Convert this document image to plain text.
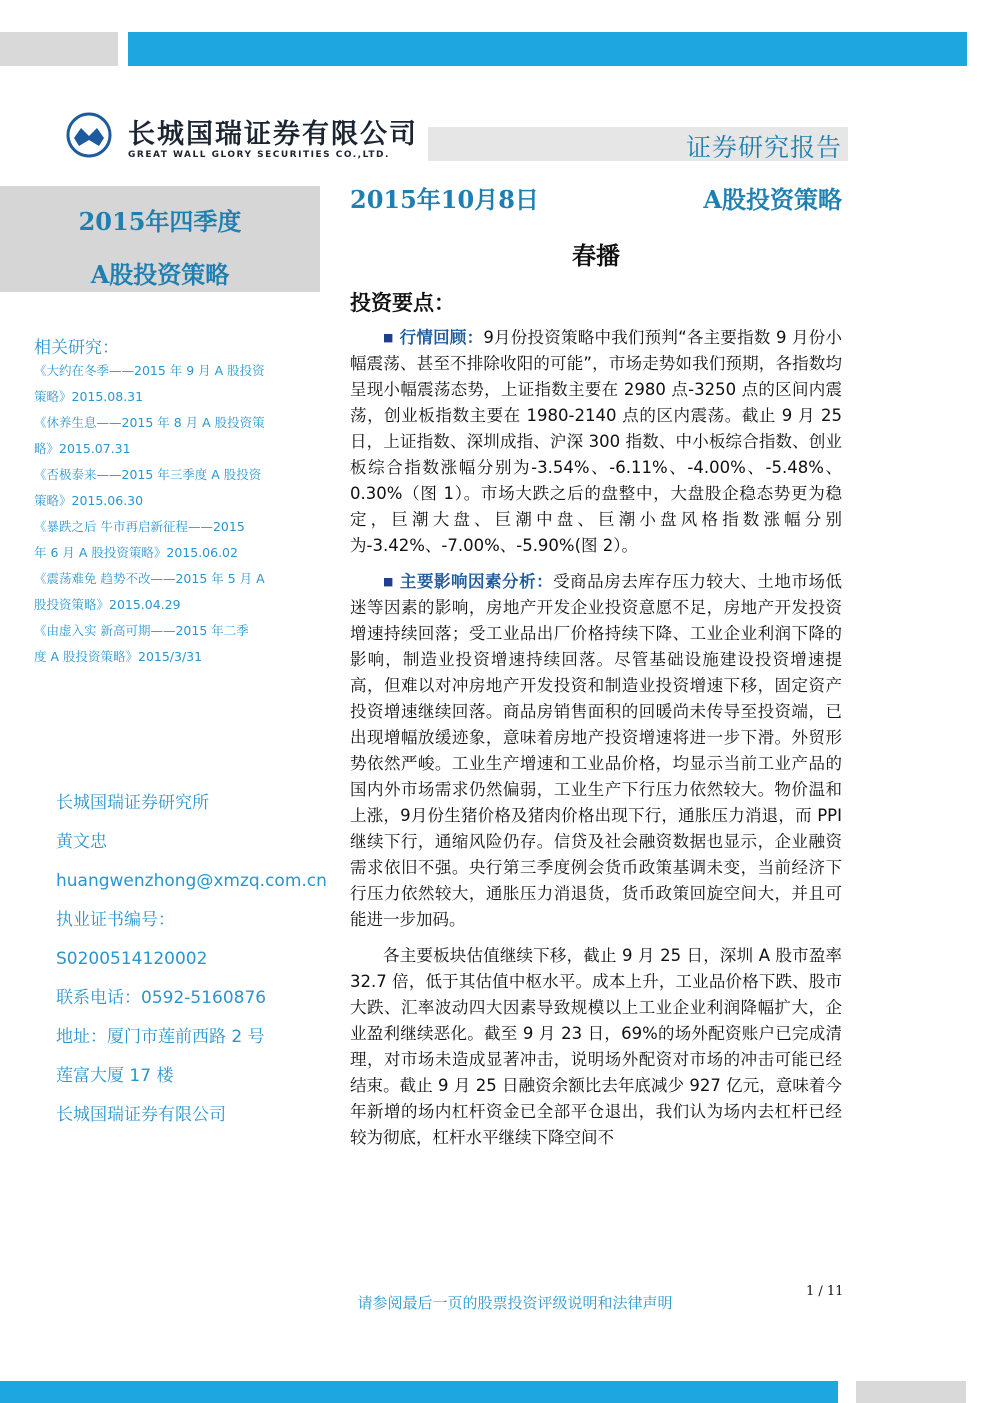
长城国瑞证券有限公司
GREAT WALL GLORY SECURITIES CO.,LTD.	证券研究报告
2015年10月8日	A股投资策略
2015年四季度
A股投资策略
相关研究：
《大约在冬季——2015 年 9 月 A 股投资
策略》2015.08.31
《休养生息——2015 年 8 月 A 股投资策
略》2015.07.31
《否极泰来——2015 年三季度 A 股投资
策略》2015.06.30
《暴跌之后 牛市再启新征程——2015
年 6 月 A 股投资策略》2015.06.02
《震荡难免 趋势不改——2015 年 5 月 A
股投资策略》2015.04.29
《由虚入实 新高可期——2015 年二季
度 A 股投资策略》2015/3/31
长城国瑞证券研究所
黄文忠
huangwenzhong@xmzq.com.cn
执业证书编号：
S0200514120002
联系电话：0592-5160876
地址：厦门市莲前西路 2 号
莲富大厦 17 楼
长城国瑞证券有限公司
春播
投资要点：

■ 行情回顾：9月份投资策略中我们预判“各主要指数 9 月份小幅震荡、甚至不排除收阳的可能”，市场走势如我们预期，各指数均呈现小幅震荡态势，上证指数主要在 2980 点-3250 点的区间内震荡，创业板指数主要在 1980-2140 点的区内震荡。截止 9 月 25 日，上证指数、深圳成指、沪深 300 指数、中小板综合指数、创业板综合指数涨幅分别为-3.54%、-6.11%、-4.00%、-5.48%、0.30%（图 1）。市场大跌之后的盘整中，大盘股企稳态势更为稳定，巨潮大盘、巨潮中盘、巨潮小盘风格指数涨幅分别为-3.42%、-7.00%、-5.90%(图 2）。

■ 主要影响因素分析：受商品房去库存压力较大、土地市场低迷等因素的影响，房地产开发企业投资意愿不足，房地产开发投资增速持续回落；受工业品出厂价格持续下降、工业企业利润下降的影响，制造业投资增速持续回落。尽管基础设施建设投资增速提高，但难以对冲房地产开发投资和制造业投资增速下移，固定资产投资增速继续回落。商品房销售面积的回暖尚未传导至投资端，已出现增幅放缓迹象，意味着房地产投资增速将进一步下滑。外贸形势依然严峻。工业生产增速和工业品价格，均显示当前工业产品的国内外市场需求仍然偏弱，工业生产下行压力依然较大。物价温和上涨，9月份生猪价格及猪肉价格出现下行，通胀压力消退，而 PPI 继续下行，通缩风险仍存。信贷及社会融资数据也显示，企业融资需求依旧不强。央行第三季度例会货币政策基调未变，当前经济下行压力依然较大，通胀压力消退货，货币政策回旋空间大，并且可能进一步加码。

各主要板块估值继续下移，截止 9 月 25 日，深圳 A 股市盈率 32.7 倍，低于其估值中枢水平。成本上升，工业品价格下跌、股市大跌、汇率波动四大因素导致规模以上工业企业利润降幅扩大，企业盈利继续恶化。截至 9 月 23 日，69%的场外配资账户已完成清理，对市场未造成显著冲击，说明场外配资对市场的冲击可能已经结束。截止 9 月 25 日融资余额比去年底减少 927 亿元，意味着今年新增的场内杠杆资金已全部平仓退出，我们认为场内去杠杆已经较为彻底，杠杆水平继续下降空间不

请参阅最后一页的股票投资评级说明和法律声明
1 / 11
